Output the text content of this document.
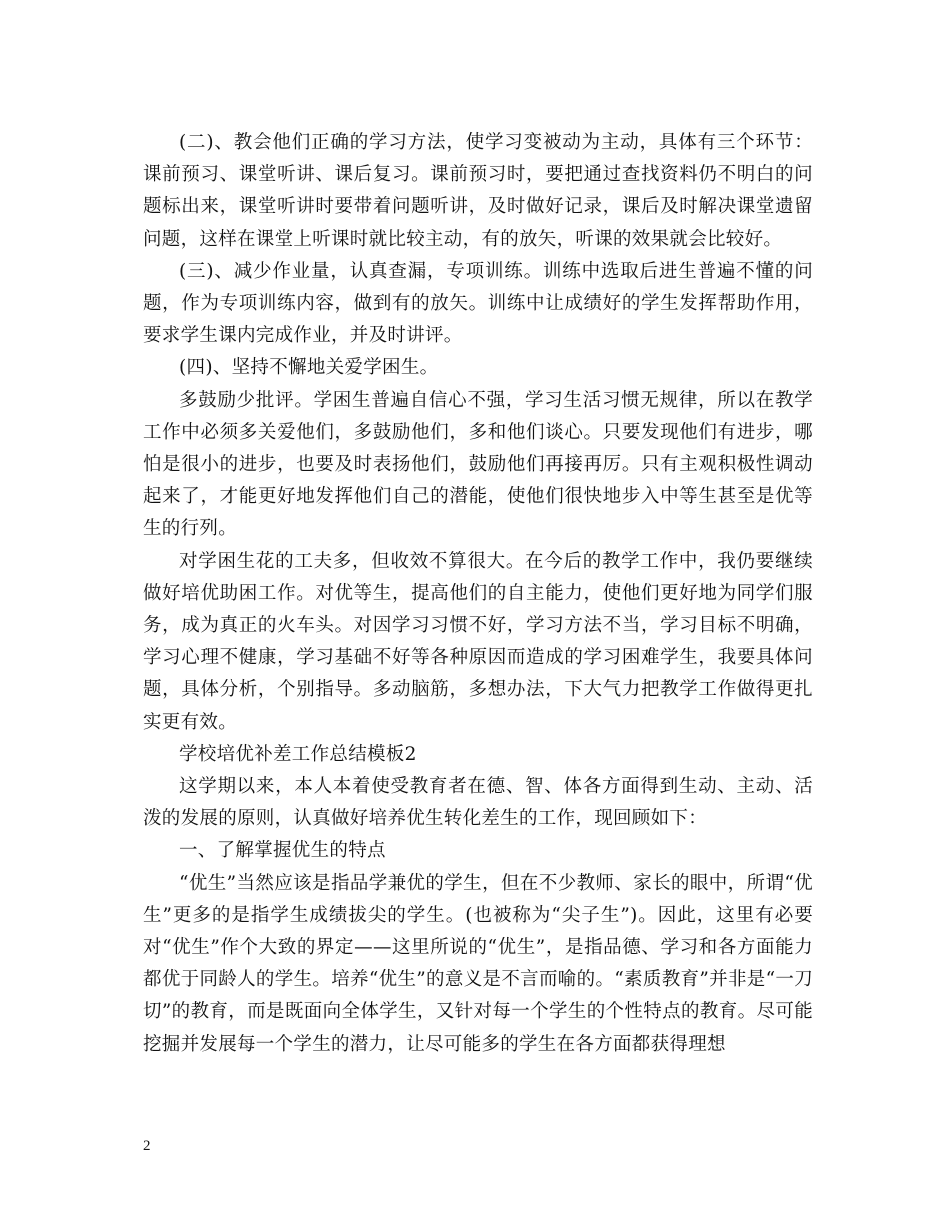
(二)、教会他们正确的学习方法，使学习变被动为主动，具体有三个环节：课前预习、课堂听讲、课后复习。课前预习时，要把通过查找资料仍不明白的问题标出来，课堂听讲时要带着问题听讲，及时做好记录，课后及时解决课堂遗留问题，这样在课堂上听课时就比较主动，有的放矢，听课的效果就会比较好。

(三)、减少作业量，认真查漏，专项训练。训练中选取后进生普遍不懂的问题，作为专项训练内容，做到有的放矢。训练中让成绩好的学生发挥帮助作用，要求学生课内完成作业，并及时讲评。

(四)、坚持不懈地关爱学困生。

多鼓励少批评。学困生普遍自信心不强，学习生活习惯无规律，所以在教学工作中必须多关爱他们，多鼓励他们，多和他们谈心。只要发现他们有进步，哪怕是很小的进步，也要及时表扬他们，鼓励他们再接再厉。只有主观积极性调动起来了，才能更好地发挥他们自己的潜能，使他们很快地步入中等生甚至是优等生的行列。

对学困生花的工夫多，但收效不算很大。在今后的教学工作中，我仍要继续做好培优助困工作。对优等生，提高他们的自主能力，使他们更好地为同学们服务，成为真正的火车头。对因学习习惯不好，学习方法不当，学习目标不明确，学习心理不健康，学习基础不好等各种原因而造成的学习困难学生，我要具体问题，具体分析，个别指导。多动脑筋，多想办法，下大气力把教学工作做得更扎实更有效。

学校培优补差工作总结模板2

这学期以来，本人本着使受教育者在德、智、体各方面得到生动、主动、活泼的发展的原则，认真做好培养优生转化差生的工作，现回顾如下：

一、了解掌握优生的特点

“优生”当然应该是指品学兼优的学生，但在不少教师、家长的眼中，所谓“优生”更多的是指学生成绩拔尖的学生。(也被称为“尖子生”)。因此，这里有必要对“优生”作个大致的界定——这里所说的“优生”，是指品德、学习和各方面能力都优于同龄人的学生。培养“优生”的意义是不言而喻的。“素质教育”并非是“一刀切”的教育，而是既面向全体学生，又针对每一个学生的个性特点的教育。尽可能挖掘并发展每一个学生的潜力，让尽可能多的学生在各方面都获得理想

2
